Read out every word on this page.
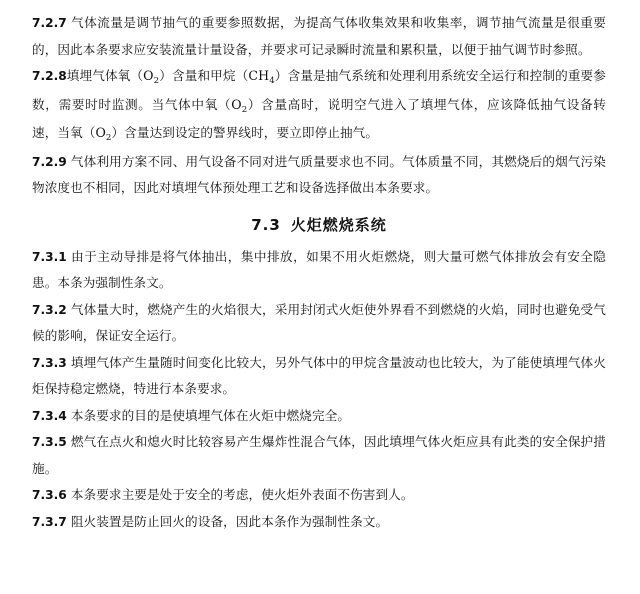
7.2.7 气体流量是调节抽气的重要参照数据，为提高气体收集效果和收集率，调节抽气流量是很重要的，因此本条要求应安装流量计量设备，并要求可记录瞬时流量和累积量，以便于抽气调节时参照。

7.2.8填埋气体氧$(O_2)$含量和甲烷$(CH_4)$含量是抽气系统和处理利用系统安全运行和控制的重要参数，需要时时监测。当气体中氧$(O_2)$含量高时，说明空气进入了填埋气体，应该降低抽气设备转速，当氧$(O_2)$含量达到设定的警界线时，要立即停止抽气。

7.2.9 气体利用方案不同、用气设备不同对进气质量要求也不同。气体质量不同，其燃烧后的烟气污染物浓度也不相同，因此对填埋气体预处理工艺和设备选择做出本条要求。

7.3 火炬燃烧系统

7.3.1 由于主动导排是将气体抽出，集中排放，如果不用火炬燃烧，则大量可燃气体排放会有安全隐患。本条为强制性条文。

7.3.2 气体量大时，燃烧产生的火焰很大，采用封闭式火炬使外界看不到燃烧的火焰，同时也避免受气候的影响，保证安全运行。

7.3.3 填埋气体产生量随时间变化比较大，另外气体中的甲烷含量波动也比较大，为了能使填埋气体火炬保持稳定燃烧，特进行本条要求。

7.3.4 本条要求的目的是使填埋气体在火炬中燃烧完全。

7.3.5 燃气在点火和熄火时比较容易产生爆炸性混合气体，因此填埋气体火炬应具有此类的安全保护措施。

7.3.6 本条要求主要是处于安全的考虑，使火炬外表面不伤害到人。

7.3.7 阻火装置是防止回火的设备，因此本条作为强制性条文。
